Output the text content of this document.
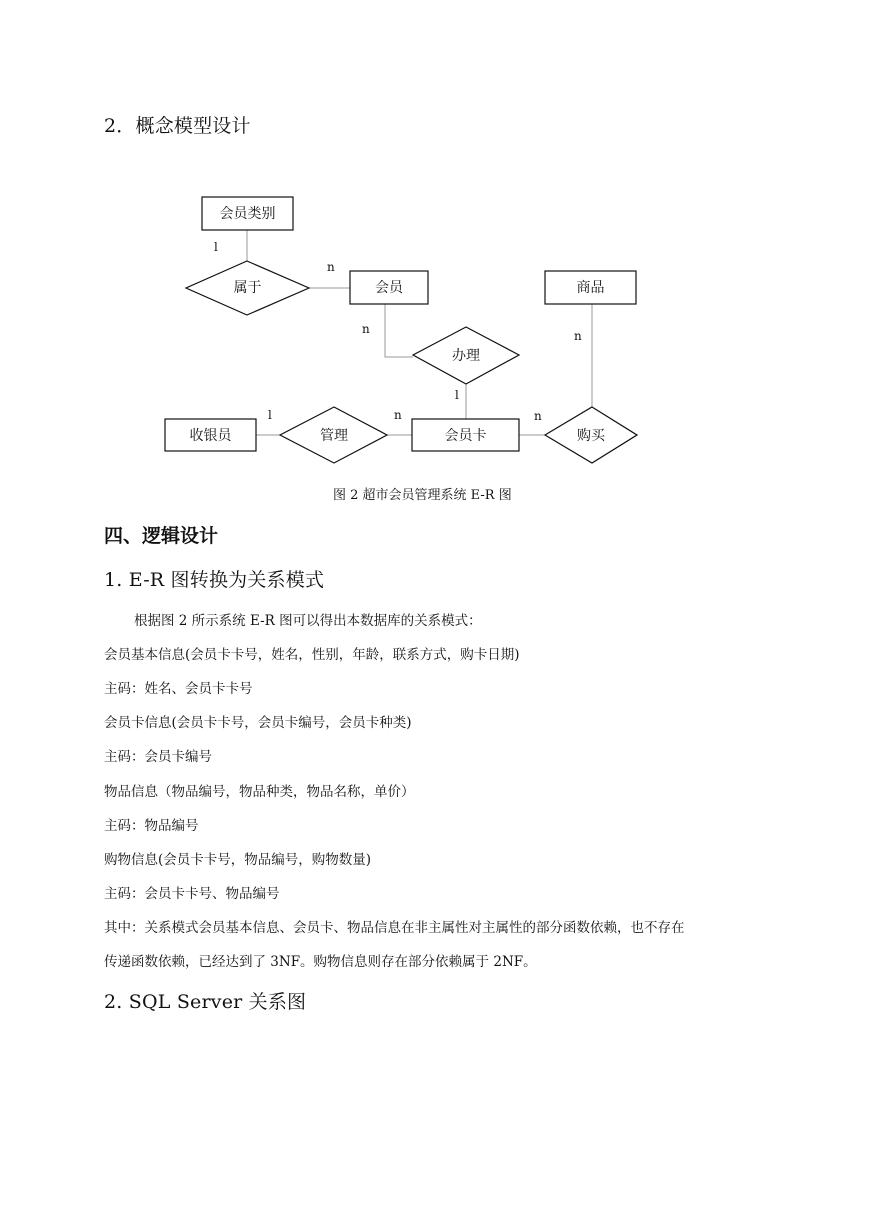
2．概念模型设计
会员类别
会员	商品
收银员	会员卡
属于
办理
管理	购买
l
n
n
l
n
l	n	n
图 2 超市会员管理系统 E-R 图
四、逻辑设计
1. E-R 图转换为关系模式
根据图 2 所示系统 E-R 图可以得出本数据库的关系模式：
会员基本信息(会员卡卡号，姓名，性别，年龄，联系方式，购卡日期)
主码：姓名、会员卡卡号
会员卡信息(会员卡卡号，会员卡编号，会员卡种类)
主码：会员卡编号
物品信息（物品编号，物品种类，物品名称，单价）
主码：物品编号
购物信息(会员卡卡号，物品编号，购物数量)
主码：会员卡卡号、物品编号
其中：关系模式会员基本信息、会员卡、物品信息在非主属性对主属性的部分函数依赖，也不存在
传递函数依赖，已经达到了 3NF。购物信息则存在部分依赖属于 2NF。
2. SQL Server 关系图
